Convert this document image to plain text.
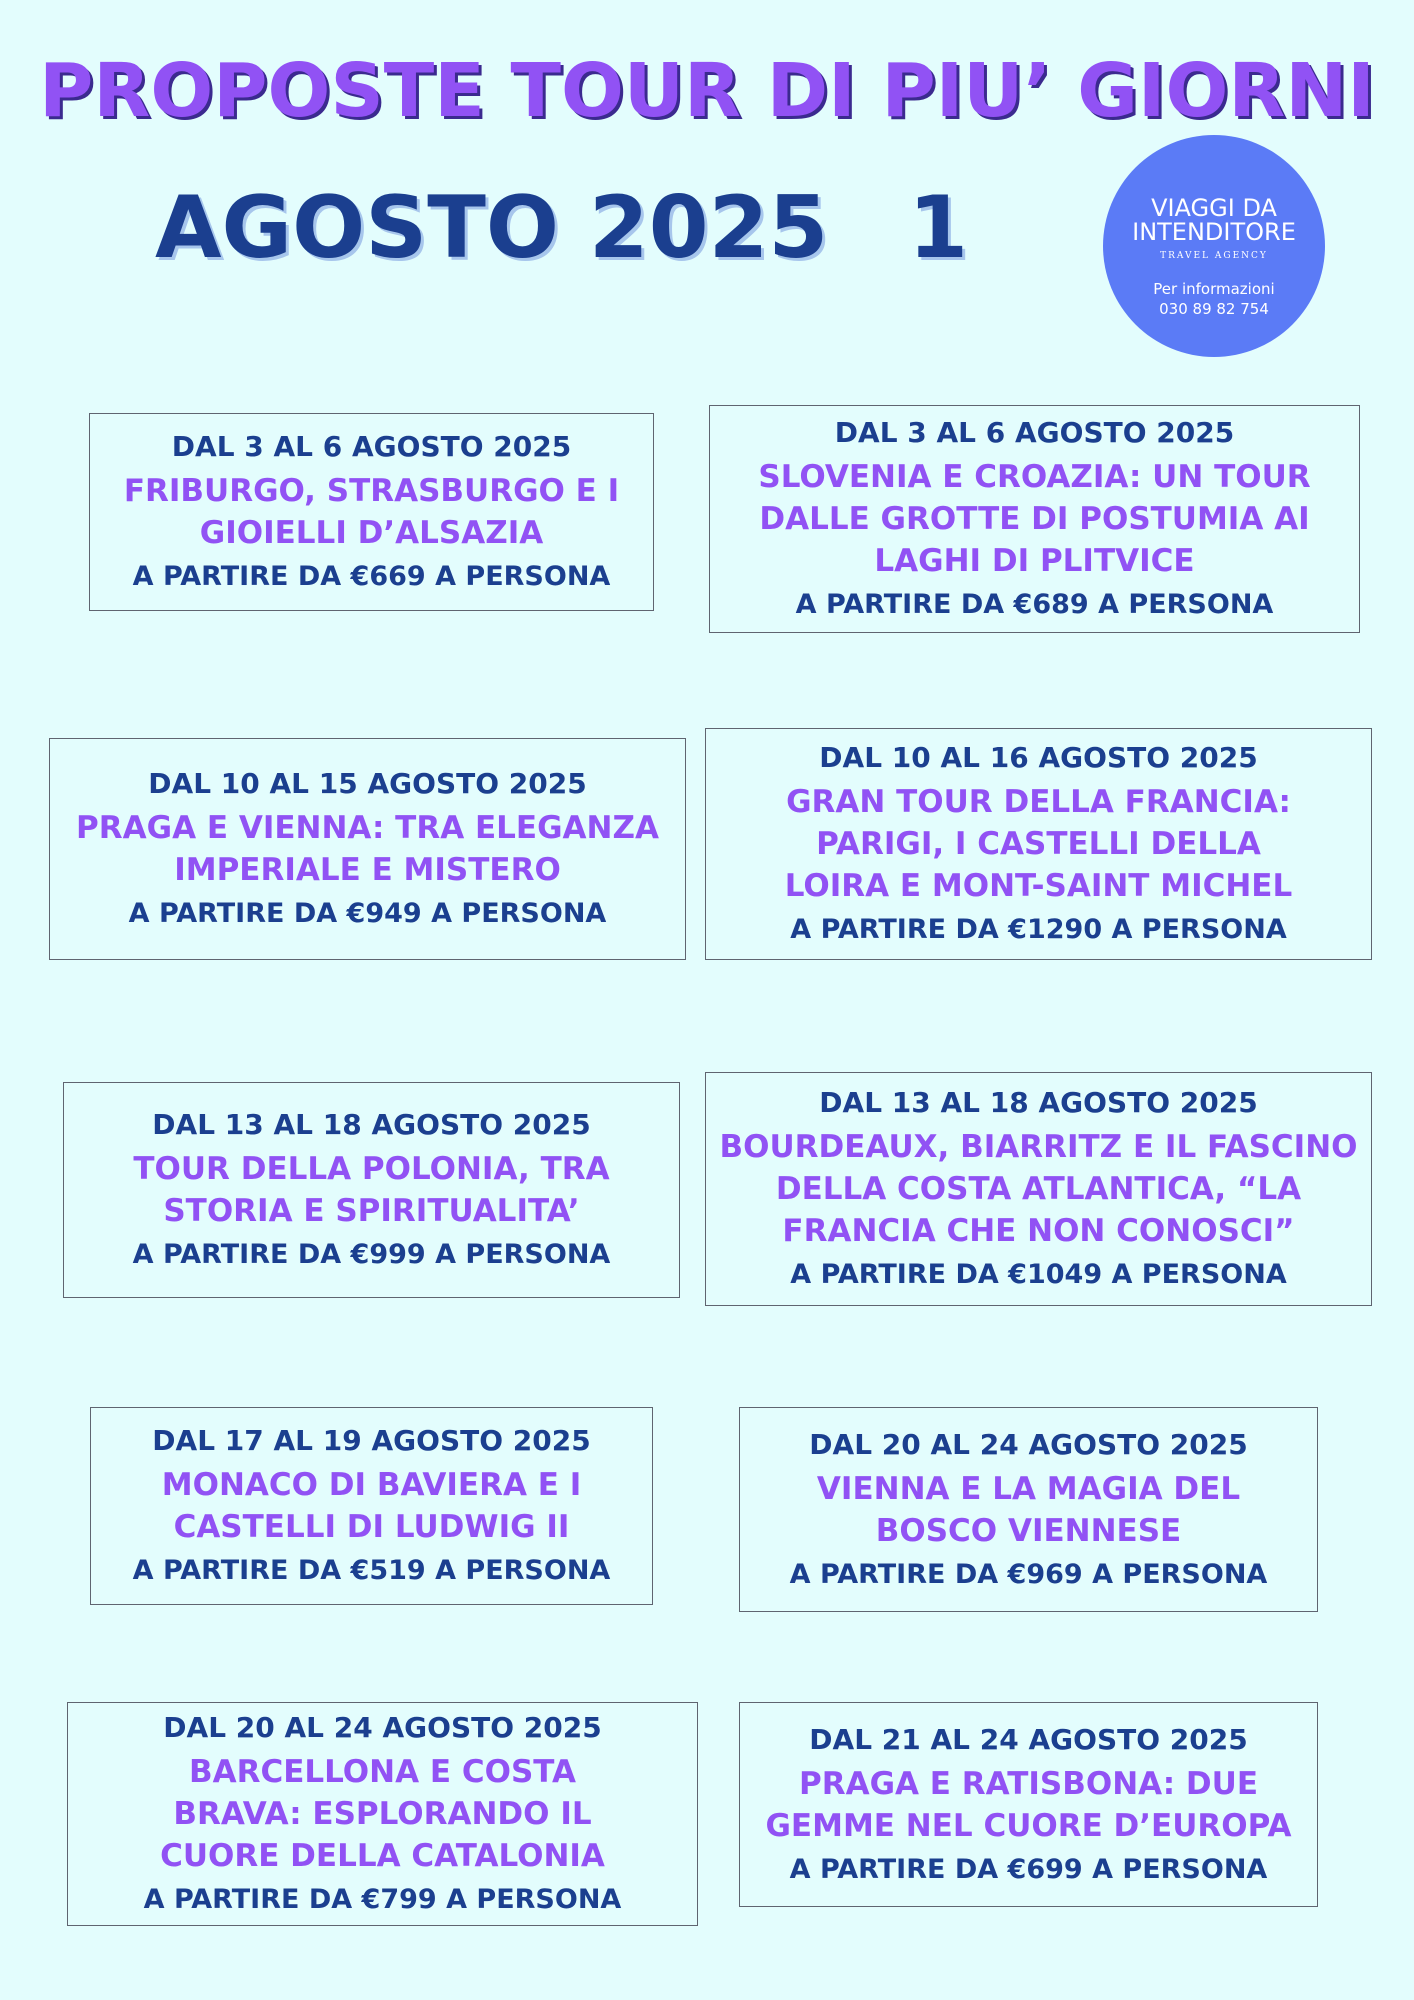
PROPOSTE TOUR DI PIU’ GIORNI
AGOSTO 2025 1	VIAGGI DA
INTENDITORE
TRAVEL AGENCY
Per informazioni
030 89 82 754
DAL 3 AL 6 AGOSTO 2025
FRIBURGO, STRASBURGO E I
GIOIELLI D’ALSAZIA
A PARTIRE DA €669 A PERSONA
DAL 3 AL 6 AGOSTO 2025
SLOVENIA E CROAZIA: UN TOUR
DALLE GROTTE DI POSTUMIA AI
LAGHI DI PLITVICE
A PARTIRE DA €689 A PERSONA
DAL 10 AL 15 AGOSTO 2025
PRAGA E VIENNA: TRA ELEGANZA
IMPERIALE E MISTERO
A PARTIRE DA €949 A PERSONA
DAL 10 AL 16 AGOSTO 2025
GRAN TOUR DELLA FRANCIA:
PARIGI, I CASTELLI DELLA
LOIRA E MONT-SAINT MICHEL
A PARTIRE DA €1290 A PERSONA
DAL 13 AL 18 AGOSTO 2025
TOUR DELLA POLONIA, TRA
STORIA E SPIRITUALITA’
A PARTIRE DA €999 A PERSONA
DAL 13 AL 18 AGOSTO 2025
BOURDEAUX, BIARRITZ E IL FASCINO
DELLA COSTA ATLANTICA, “LA
FRANCIA CHE NON CONOSCI”
A PARTIRE DA €1049 A PERSONA
DAL 17 AL 19 AGOSTO 2025
MONACO DI BAVIERA E I
CASTELLI DI LUDWIG II
A PARTIRE DA €519 A PERSONA
DAL 20 AL 24 AGOSTO 2025
VIENNA E LA MAGIA DEL
BOSCO VIENNESE
A PARTIRE DA €969 A PERSONA
DAL 20 AL 24 AGOSTO 2025
BARCELLONA E COSTA
BRAVA: ESPLORANDO IL
CUORE DELLA CATALONIA
A PARTIRE DA €799 A PERSONA
DAL 21 AL 24 AGOSTO 2025
PRAGA E RATISBONA: DUE
GEMME NEL CUORE D’EUROPA
A PARTIRE DA €699 A PERSONA
